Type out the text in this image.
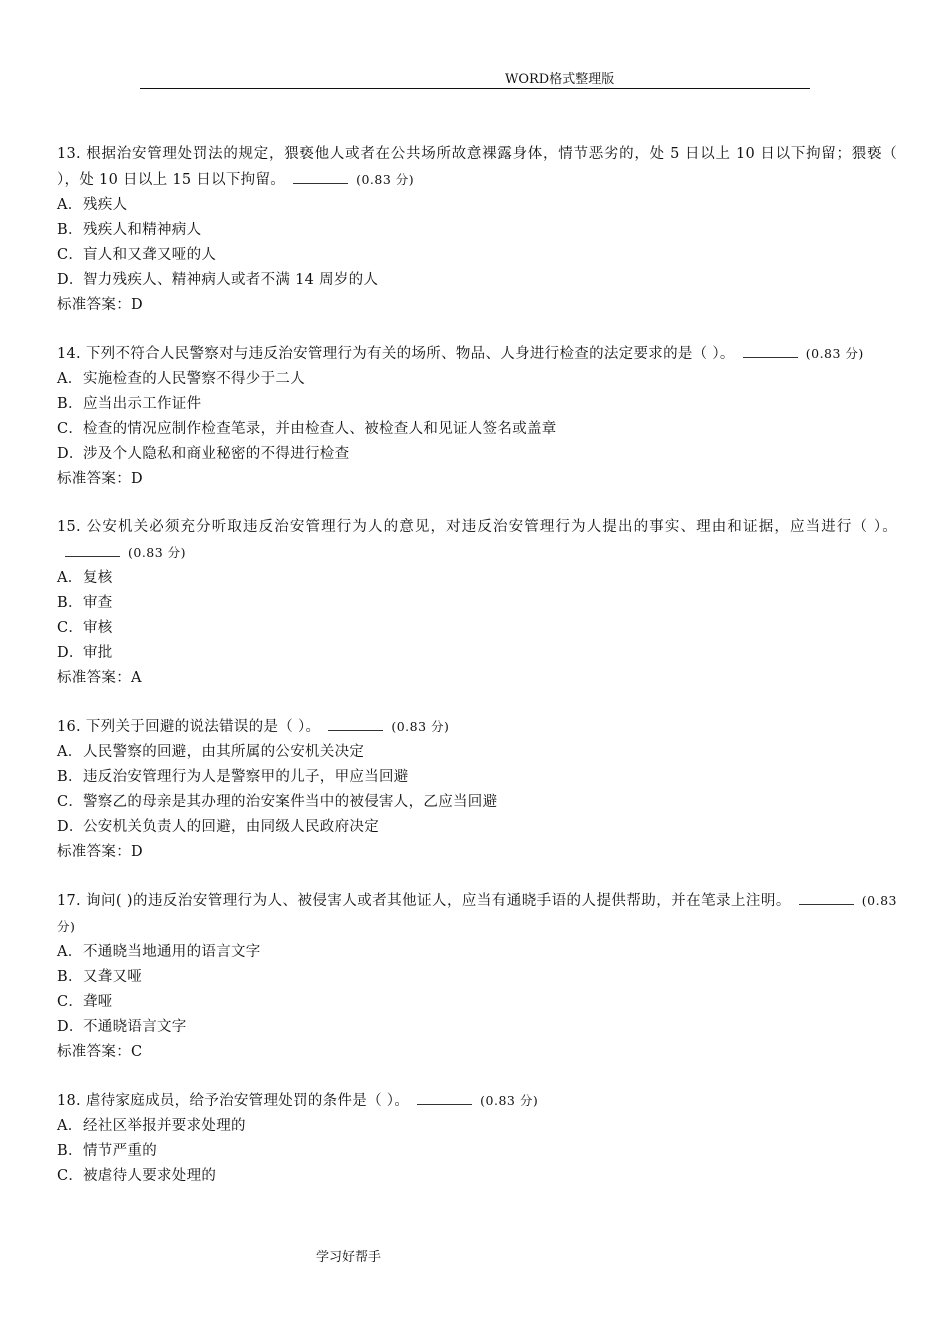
WORD格式整理版

13. 根据治安管理处罚法的规定，猥亵他人或者在公共场所故意裸露身体，情节恶劣的，处 5 日以上 10 日以下拘留；猥亵（ ），处 10 日以上 15 日以下拘留。	(0.83 分)

A．残疾人

B．残疾人和精神病人

C．盲人和又聋又哑的人

D．智力残疾人、精神病人或者不满 14 周岁的人

标准答案：D

14. 下列不符合人民警察对与违反治安管理行为有关的场所、物品、人身进行检查的法定要求的是（ ）。	(0.83 分)

A．实施检查的人民警察不得少于二人

B．应当出示工作证件

C．检查的情况应制作检查笔录，并由检查人、被检查人和见证人签名或盖章

D．涉及个人隐私和商业秘密的不得进行检查

标准答案：D

15. 公安机关必须充分听取违反治安管理行为人的意见，对违反治安管理行为人提出的事实、理由和证据，应当进行（ ）。(0.83 分)

A．复核

B．审查

C．审核

D．审批

标准答案：A

16. 下列关于回避的说法错误的是（ ）。	(0.83 分)

A．人民警察的回避，由其所属的公安机关决定

B．违反治安管理行为人是警察甲的儿子，甲应当回避

C．警察乙的母亲是其办理的治安案件当中的被侵害人，乙应当回避

D．公安机关负责人的回避，由同级人民政府决定

标准答案：D

17. 询问( )的违反治安管理行为人、被侵害人或者其他证人，应当有通晓手语的人提供帮助，并在笔录上注明。	(0.83 分)

A．不通晓当地通用的语言文字

B．又聋又哑

C．聋哑

D．不通晓语言文字

标准答案：C

18. 虐待家庭成员，给予治安管理处罚的条件是（ ）。	(0.83 分)

A．经社区举报并要求处理的

B．情节严重的

C．被虐待人要求处理的

学习好帮手
